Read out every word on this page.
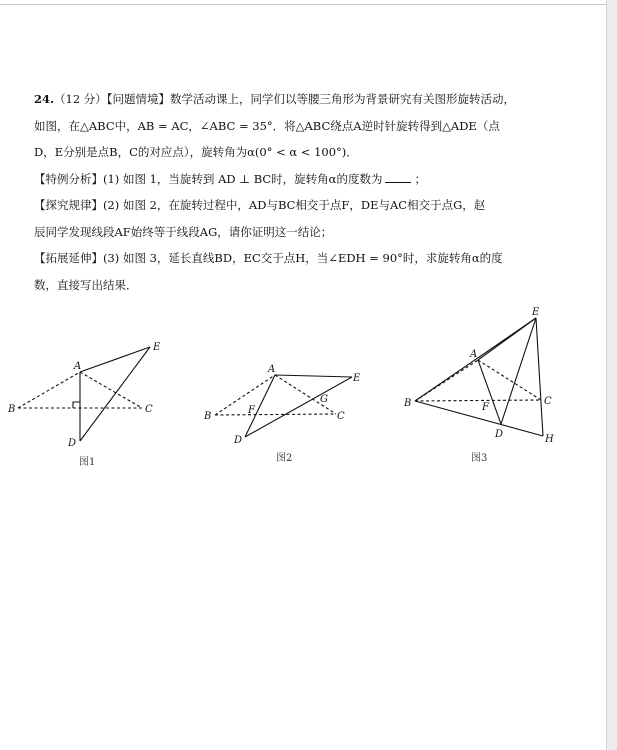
24.（12 分）【问题情境】数学活动课上，同学们以等腰三角形为背景研究有关图形旋转活动，

如图，在△ABC中，AB = AC，∠ABC = 35°．将△ABC绕点A逆时针旋转得到△ADE（点

D，E分别是点B，C的对应点），旋转角为α(0° < α < 100°)．

【特例分析】(1) 如图 1，当旋转到 AD ⊥ BC时，旋转角α的度数为	；

【探究规律】(2) 如图 2，在旋转过程中，AD与BC相交于点F，DE与AC相交于点G，赵

辰同学发现线段AF始终等于线段AG，请你证明这一结论；

【拓展延伸】(3) 如图 3，延长直线BD，EC交于点H，当∠EDH = 90°时，求旋转角α的度

数，直接写出结果．

A
B	C
D
E
图1
A
B	C
D
E
F
G
图2
A
B	C
D
E
F
H
图3
